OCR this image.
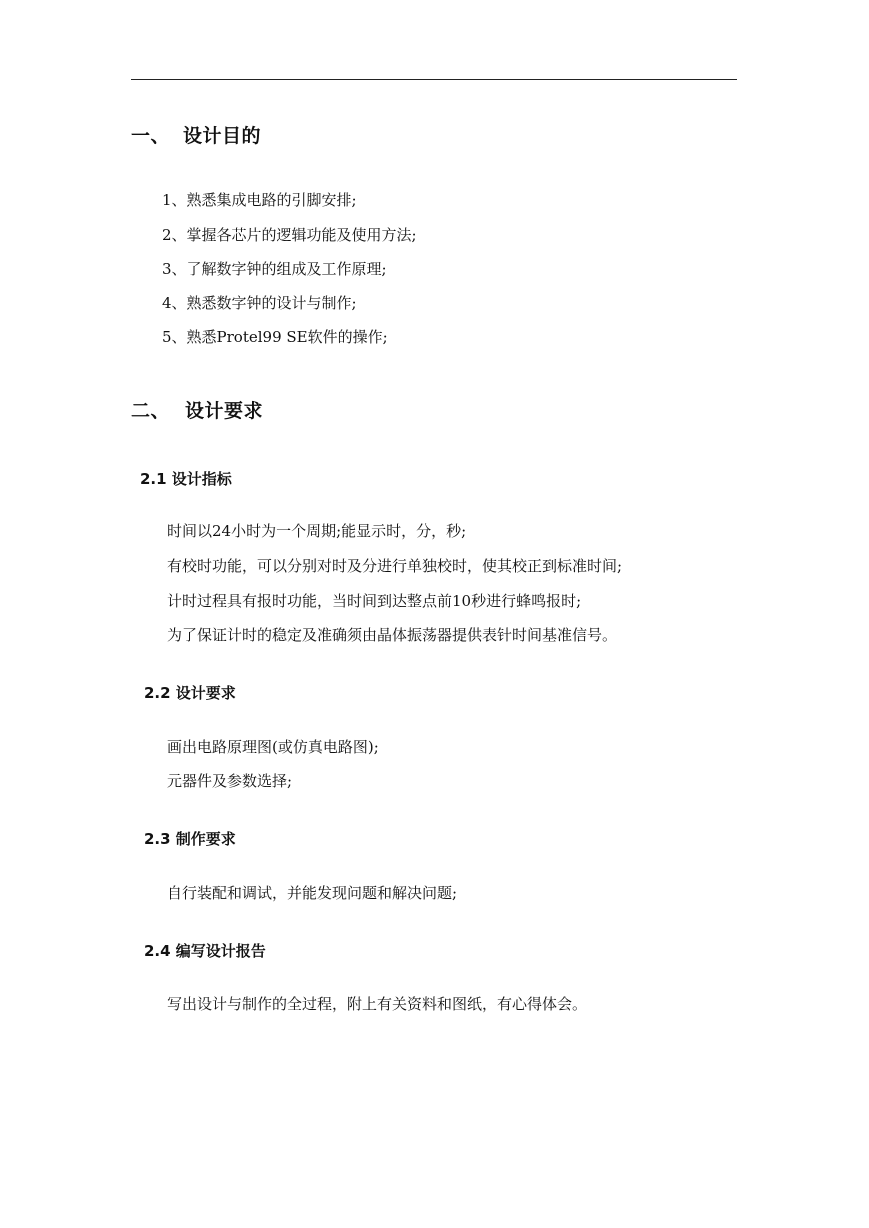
一、 设计目的
1、熟悉集成电路的引脚安排;
2、掌握各芯片的逻辑功能及使用方法;
3、了解数字钟的组成及工作原理;
4、熟悉数字钟的设计与制作;
5、熟悉Protel99 SE软件的操作;
二、 设计要求
2.1 设计指标
时间以24小时为一个周期;能显示时，分，秒;
有校时功能，可以分别对时及分进行单独校时，使其校正到标准时间;
计时过程具有报时功能，当时间到达整点前10秒进行蜂鸣报时;
为了保证计时的稳定及准确须由晶体振荡器提供表针时间基准信号。
2.2 设计要求
画出电路原理图(或仿真电路图);
元器件及参数选择;
2.3 制作要求
自行装配和调试，并能发现问题和解决问题;
2.4 编写设计报告
写出设计与制作的全过程，附上有关资料和图纸，有心得体会。
